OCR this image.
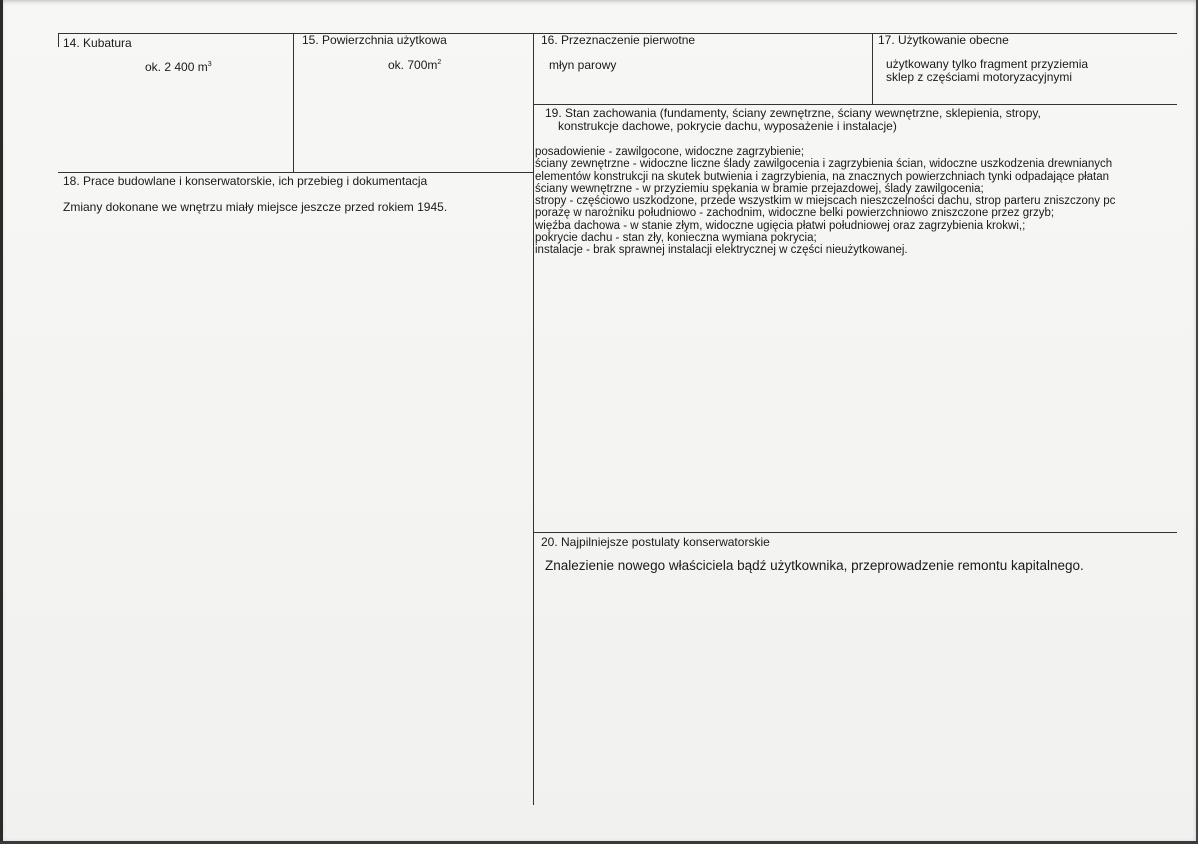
14. Kubatura
ok. 2 400 $m^3$
15. Powierzchnia użytkowa
ok. $700m^2$
16. Przeznaczenie pierwotne
młyn parowy
17. Użytkowanie obecne
użytkowany tylko fragment przyziemia
sklep z częściami motoryzacyjnymi
18. Prace budowlane i konserwatorskie, ich przebieg i dokumentacja
Zmiany dokonane we wnętrzu miały miejsce jeszcze przed rokiem 1945.
19. Stan zachowania (fundamenty, ściany zewnętrzne, ściany wewnętrzne, sklepienia, stropy,
konstrukcje dachowe, pokrycie dachu, wyposażenie i instalacje)
posadowienie - zawilgocone, widoczne zagrzybienie;
ściany zewnętrzne - widoczne liczne ślady zawilgocenia i zagrzybienia ścian, widoczne uszkodzenia drewnianych
elementów konstrukcji na skutek butwienia i zagrzybienia, na znacznych powierzchniach tynki odpadające płatan
ściany wewnętrzne - w przyziemiu spękania w bramie przejazdowej, ślady zawilgocenia;
stropy - częściowo uszkodzone, przede wszystkim w miejscach nieszczelności dachu, strop parteru zniszczony pc
porażę w narożniku południowo - zachodnim, widoczne belki powierzchniowo zniszczone przez grzyb;
więźba dachowa - w stanie złym, widoczne ugięcia płatwi południowej oraz zagrzybienia krokwi,;
pokrycie dachu - stan zły, konieczna wymiana pokrycia;
instalacje - brak sprawnej instalacji elektrycznej w części nieużytkowanej.
20. Najpilniejsze postulaty konserwatorskie
Znalezienie nowego właściciela bądź użytkownika, przeprowadzenie remontu kapitalnego.
